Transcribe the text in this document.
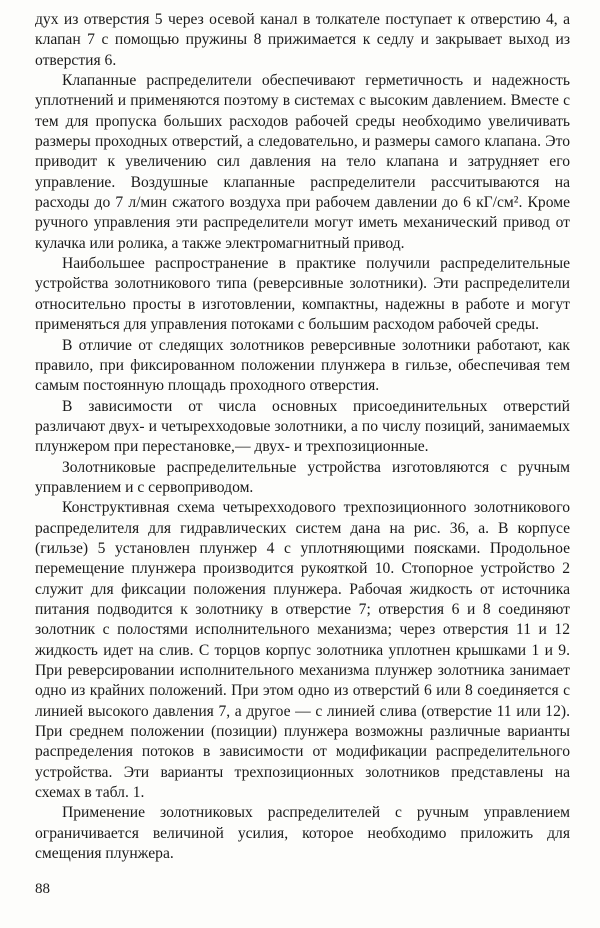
дух из отверстия 5 через осевой канал в толкателе поступает к отверстию 4, а клапан 7 с помощью пружины 8 прижимается к седлу и закрывает выход из отверстия 6.

Клапанные распределители обеспечивают герметичность и надежность уплотнений и применяются поэтому в системах с высоким давлением. Вместе с тем для пропуска больших расходов рабочей среды необходимо увеличивать размеры проходных отверстий, а следовательно, и размеры самого клапана. Это приводит к увеличению сил давления на тело клапана и затрудняет его управление. Воздушные клапанные распределители рассчитываются на расходы до 7 л/мин сжатого воздуха при рабочем давлении до 6 кГ/см². Кроме ручного управления эти распределители могут иметь механический привод от кулачка или ролика, а также электромагнитный привод.

Наибольшее распространение в практике получили распределительные устройства золотникового типа (реверсивные золотники). Эти распределители относительно просты в изготовлении, компактны, надежны в работе и могут применяться для управления потоками с большим расходом рабочей среды.

В отличие от следящих золотников реверсивные золотники работают, как правило, при фиксированном положении плунжера в гильзе, обеспечивая тем самым постоянную площадь проходного отверстия.

В зависимости от числа основных присоединительных отверстий различают двух- и четырехходовые золотники, а по числу позиций, занимаемых плунжером при перестановке,— двух- и трехпозиционные.

Золотниковые распределительные устройства изготовляются с ручным управлением и с сервоприводом.

Конструктивная схема четырехходового трехпозиционного золотникового распределителя для гидравлических систем дана на рис. 36, а. В корпусе (гильзе) 5 установлен плунжер 4 с уплотняющими поясками. Продольное перемещение плунжера производится рукояткой 10. Стопорное устройство 2 служит для фиксации положения плунжера. Рабочая жидкость от источника питания подводится к золотнику в отверстие 7; отверстия 6 и 8 соединяют золотник с полостями исполнительного механизма; через отверстия 11 и 12 жидкость идет на слив. С торцов корпус золотника уплотнен крышками 1 и 9. При реверсировании исполнительного механизма плунжер золотника занимает одно из крайних положений. При этом одно из отверстий 6 или 8 соединяется с линией высокого давления 7, а другое — с линией слива (отверстие 11 или 12). При среднем положении (позиции) плунжера возможны различные варианты распределения потоков в зависимости от модификации распределительного устройства. Эти варианты трехпозиционных золотников представлены на схемах в табл. 1.

Применение золотниковых распределителей с ручным управлением ограничивается величиной усилия, которое необходимо приложить для смещения плунжера.

88
